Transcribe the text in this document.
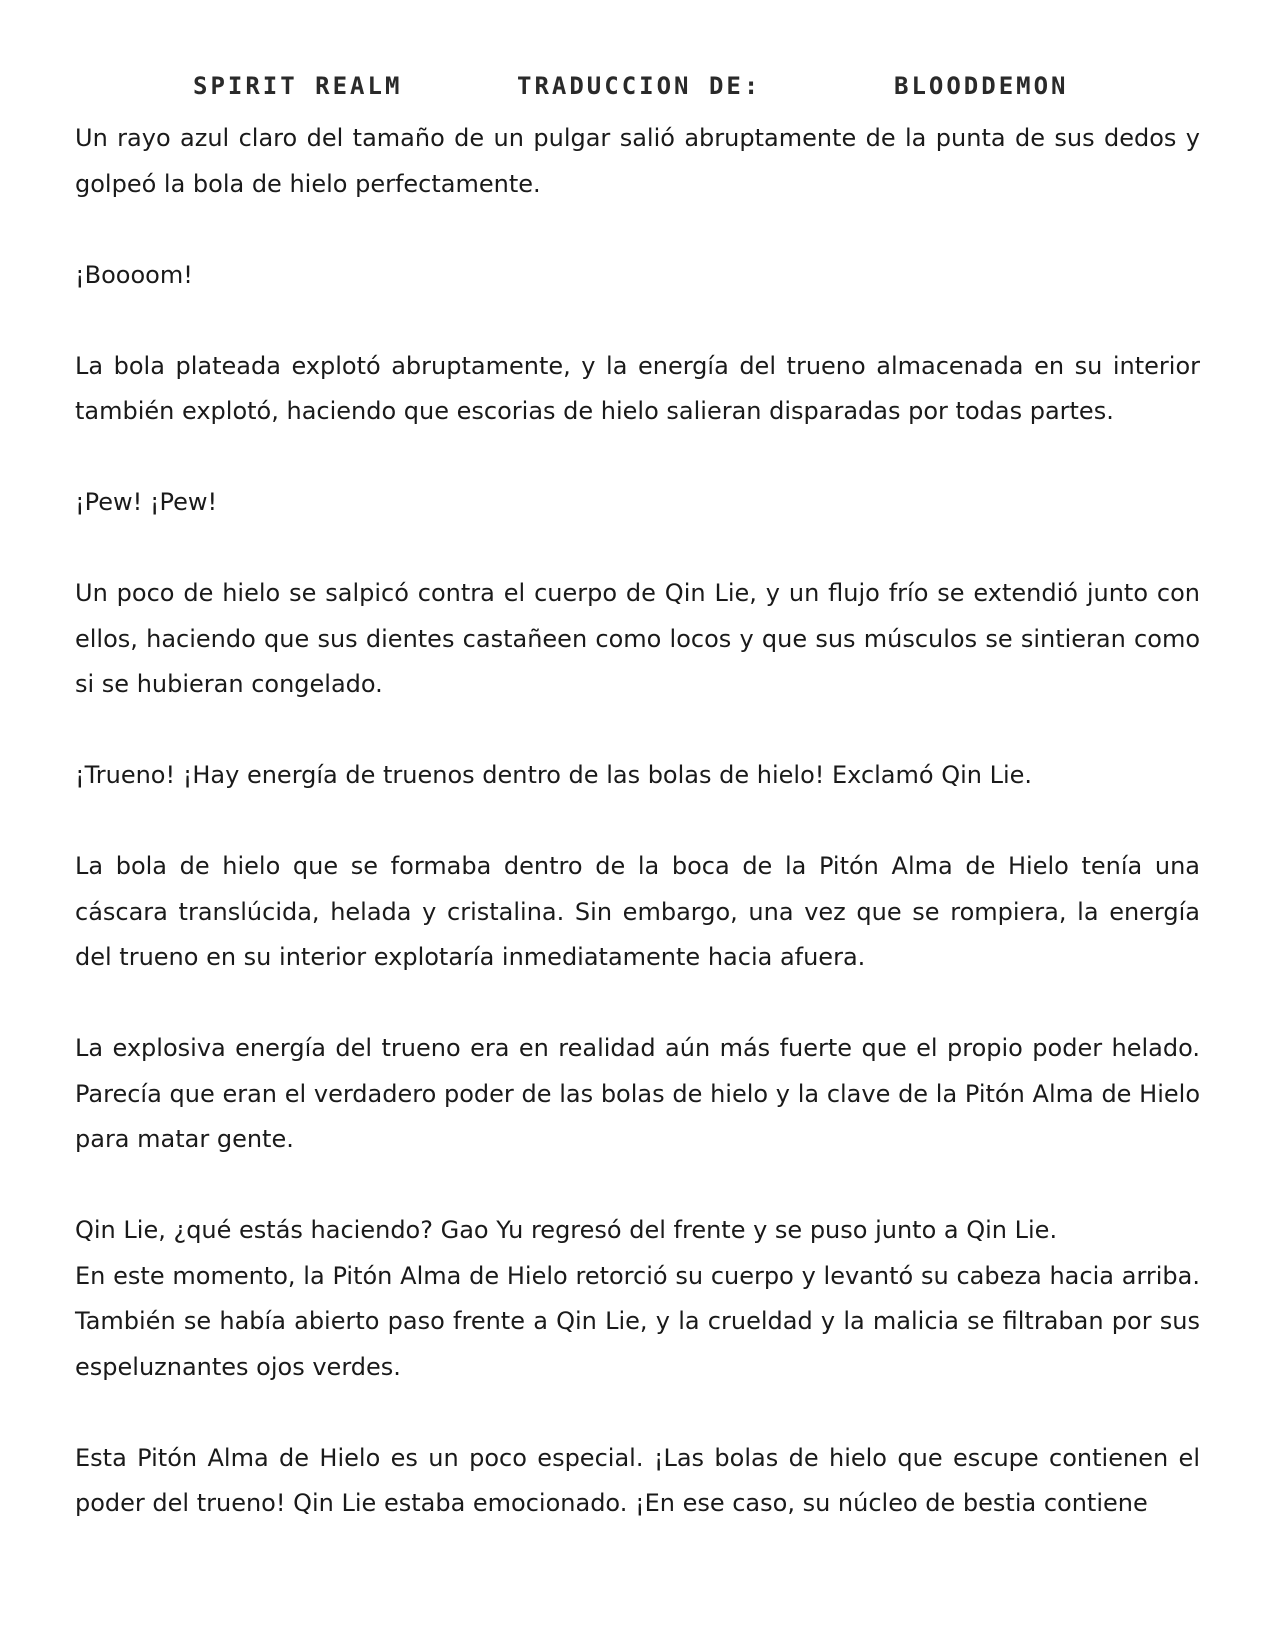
SPIRIT REALM	TRADUCCION DE:	BLOODDEMON

Un rayo azul claro del tamaño de un pulgar salió abruptamente de la punta de sus dedos y golpeó la bola de hielo perfectamente.

¡Boooom!

La bola plateada explotó abruptamente, y la energía del trueno almacenada en su interior también explotó, haciendo que escorias de hielo salieran disparadas por todas partes.

¡Pew! ¡Pew!

Un poco de hielo se salpicó contra el cuerpo de Qin Lie, y un flujo frío se extendió junto con ellos, haciendo que sus dientes castañeen como locos y que sus músculos se sintieran como si se hubieran congelado.

¡Trueno! ¡Hay energía de truenos dentro de las bolas de hielo! Exclamó Qin Lie.

La bola de hielo que se formaba dentro de la boca de la Pitón Alma de Hielo tenía una cáscara translúcida, helada y cristalina. Sin embargo, una vez que se rompiera, la energía del trueno en su interior explotaría inmediatamente hacia afuera.

La explosiva energía del trueno era en realidad aún más fuerte que el propio poder helado. Parecía que eran el verdadero poder de las bolas de hielo y la clave de la Pitón Alma de Hielo para matar gente.

Qin Lie, ¿qué estás haciendo? Gao Yu regresó del frente y se puso junto a Qin Lie.

En este momento, la Pitón Alma de Hielo retorció su cuerpo y levantó su cabeza hacia arriba. También se había abierto paso frente a Qin Lie, y la crueldad y la malicia se filtraban por sus espeluznantes ojos verdes.

Esta Pitón Alma de Hielo es un poco especial. ¡Las bolas de hielo que escupe contienen el poder del trueno! Qin Lie estaba emocionado. ¡En ese caso, su núcleo de bestia contiene
